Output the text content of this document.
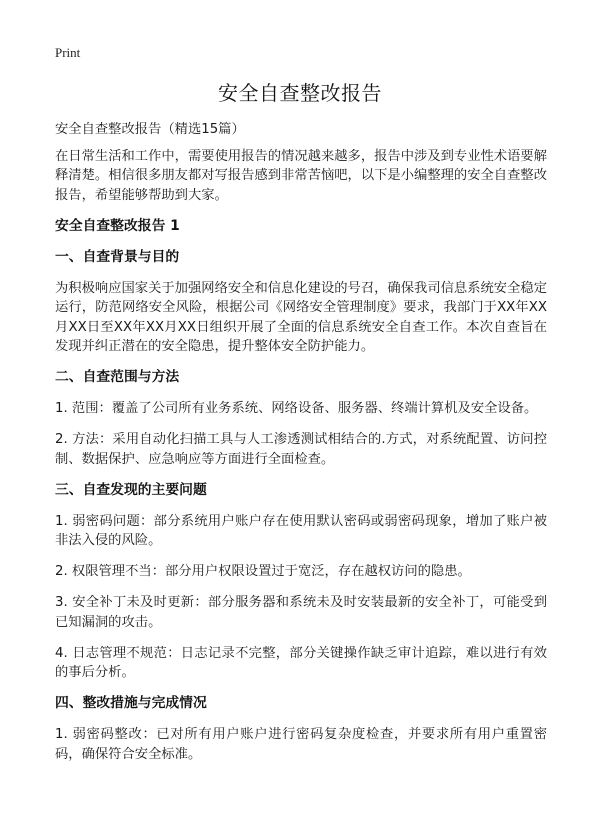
Print
安全自查整改报告
安全自查整改报告（精选15篇）

在日常生活和工作中，需要使用报告的情况越来越多，报告中涉及到专业性术语要解释清楚。相信很多朋友都对写报告感到非常苦恼吧，以下是小编整理的安全自查整改报告，希望能够帮助到大家。

安全自查整改报告 1
一、自查背景与目的

为积极响应国家关于加强网络安全和信息化建设的号召，确保我司信息系统安全稳定运行，防范网络安全风险，根据公司《网络安全管理制度》要求，我部门于XX年XX月XX日至XX年XX月XX日组织开展了全面的信息系统安全自查工作。本次自查旨在发现并纠正潜在的安全隐患，提升整体安全防护能力。

二、自查范围与方法

1. 范围：覆盖了公司所有业务系统、网络设备、服务器、终端计算机及安全设备。

2. 方法：采用自动化扫描工具与人工渗透测试相结合的.方式，对系统配置、访问控制、数据保护、应急响应等方面进行全面检查。

三、自查发现的主要问题

1. 弱密码问题：部分系统用户账户存在使用默认密码或弱密码现象，增加了账户被非法入侵的风险。

2. 权限管理不当：部分用户权限设置过于宽泛，存在越权访问的隐患。

3. 安全补丁未及时更新：部分服务器和系统未及时安装最新的安全补丁，可能受到已知漏洞的攻击。

4. 日志管理不规范：日志记录不完整，部分关键操作缺乏审计追踪，难以进行有效的事后分析。

四、整改措施与完成情况

1. 弱密码整改：已对所有用户账户进行密码复杂度检查，并要求所有用户重置密码，确保符合安全标准。
